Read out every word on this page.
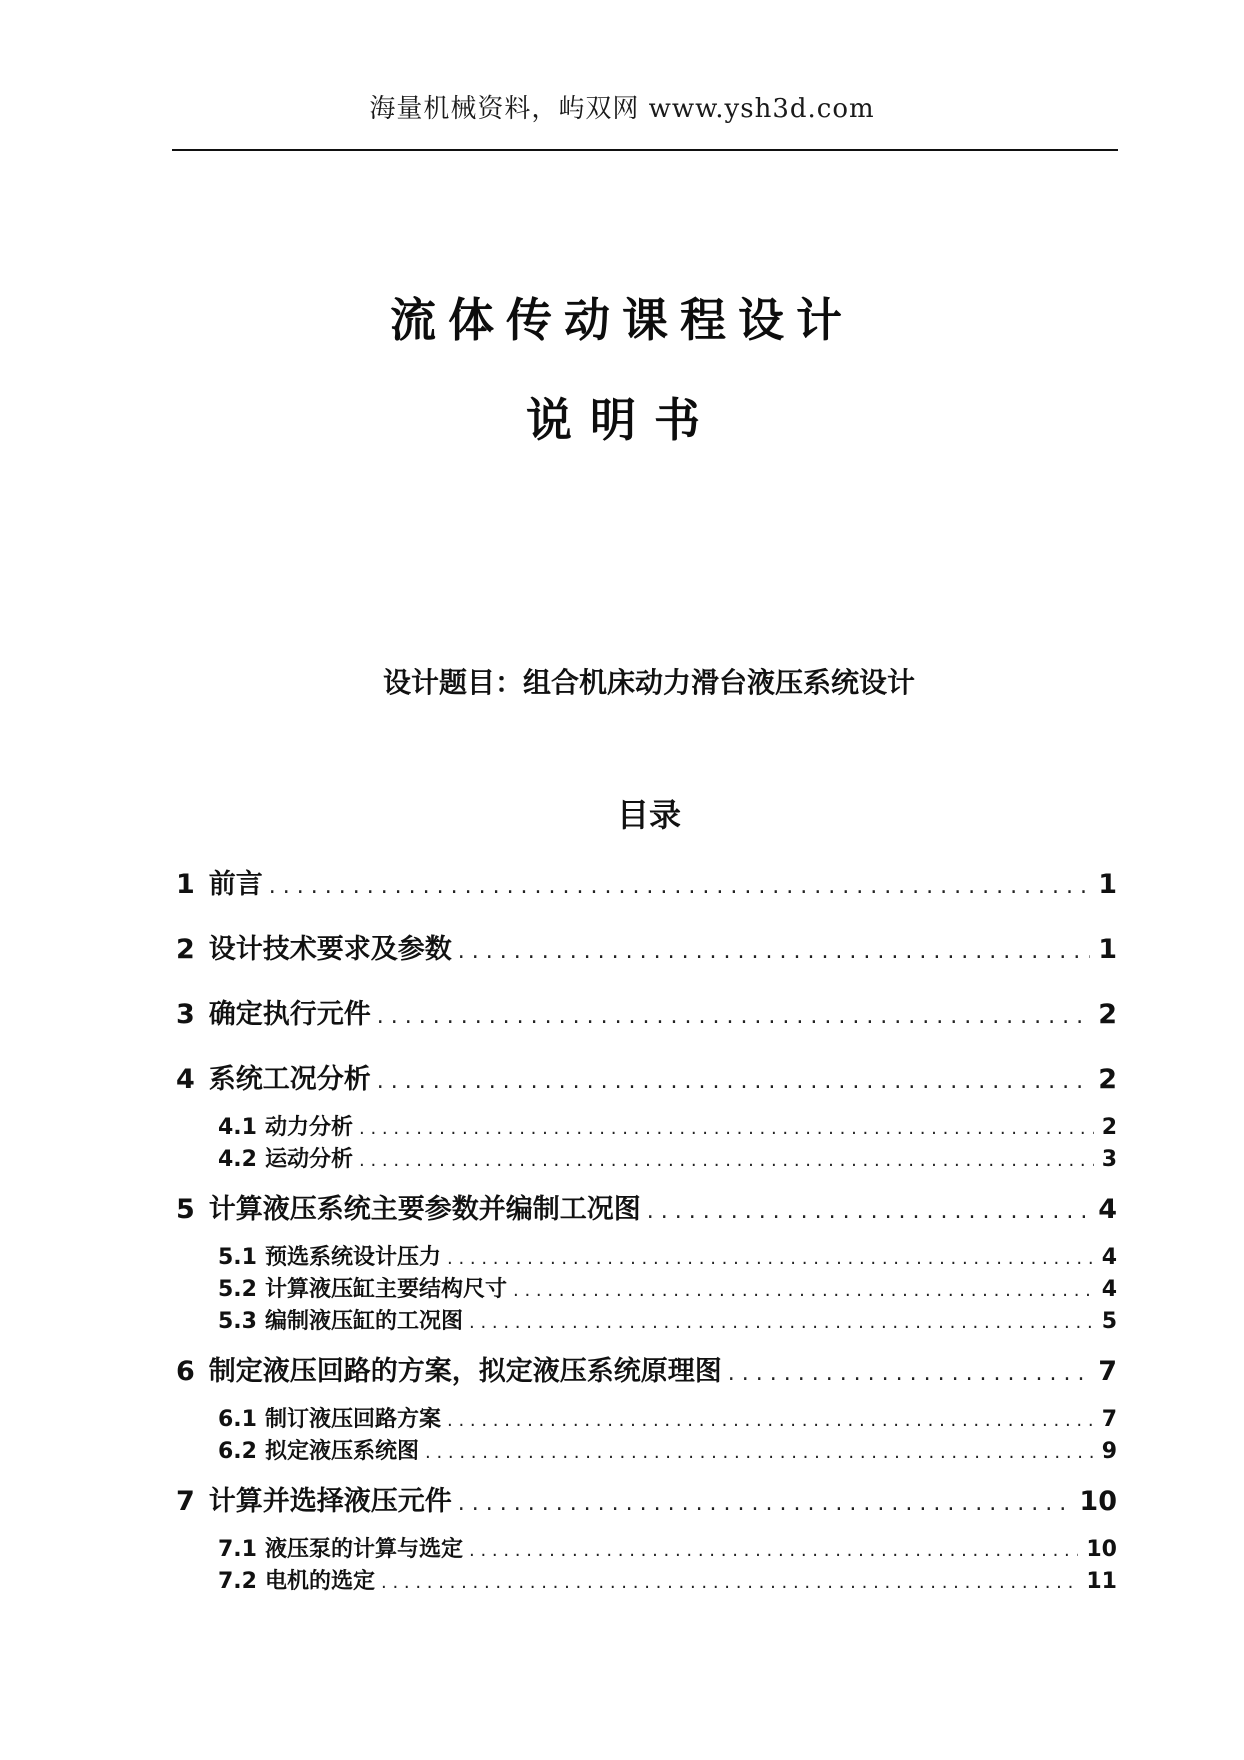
海量机械资料，屿双网 www.ysh3d.com
流体传动课程设计
说明书
设计题目：组合机床动力滑台液压系统设计
目录
1 前言 . . .	1
2 设计技术要求及参数 . . .	1
3 确定执行元件 . . .	2
4 系统工况分析 . . .	2
4.1 动力分析 . . .	2
4.2 运动分析 . . .	3
5 计算液压系统主要参数并编制工况图 . . .	4
5.1 预选系统设计压力 . . .	4
5.2 计算液压缸主要结构尺寸 . . .	4
5.3 编制液压缸的工况图 . . .	5
6 制定液压回路的方案，拟定液压系统原理图 . . .	7
6.1 制订液压回路方案 . . .	7
6.2 拟定液压系统图 . . .	9
7 计算并选择液压元件 . . .	10
7.1 液压泵的计算与选定 . . .	10
7.2 电机的选定 . . .	11
